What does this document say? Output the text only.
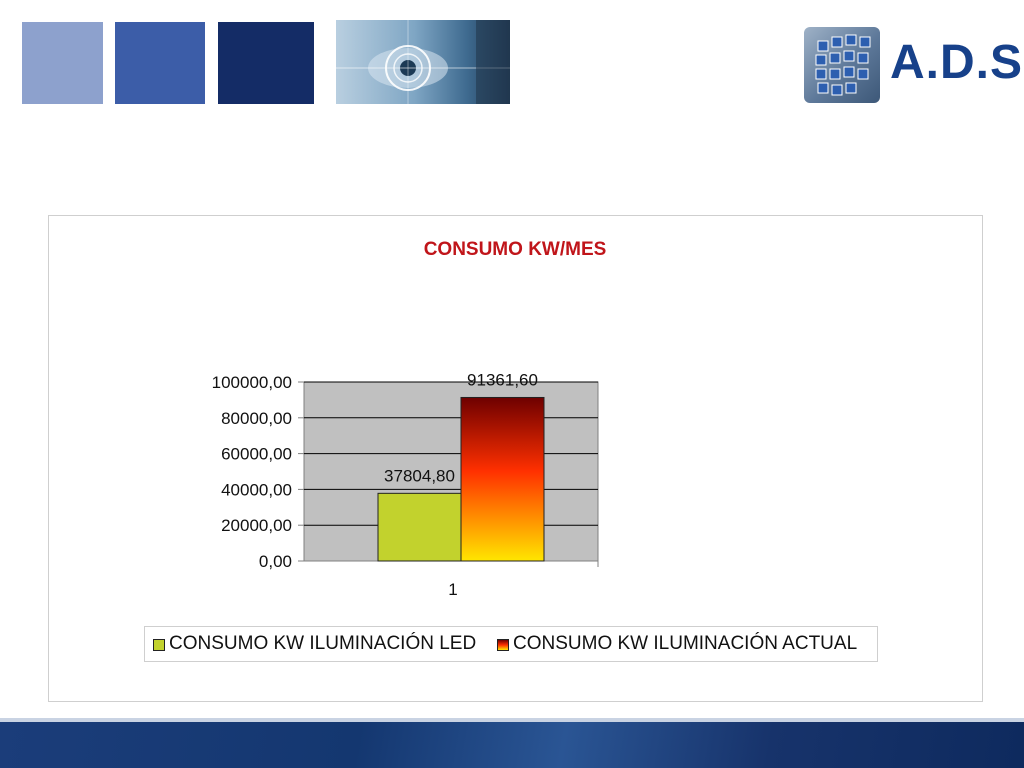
A.D.S
CONSUMO KW/MES
0,00
20000,00
40000,00
60000,00
80000,00
100000,00
37804,80
91361,60
1
CONSUMO KW ILUMINACIÓN LED CONSUMO KW ILUMINACIÓN ACTUAL
